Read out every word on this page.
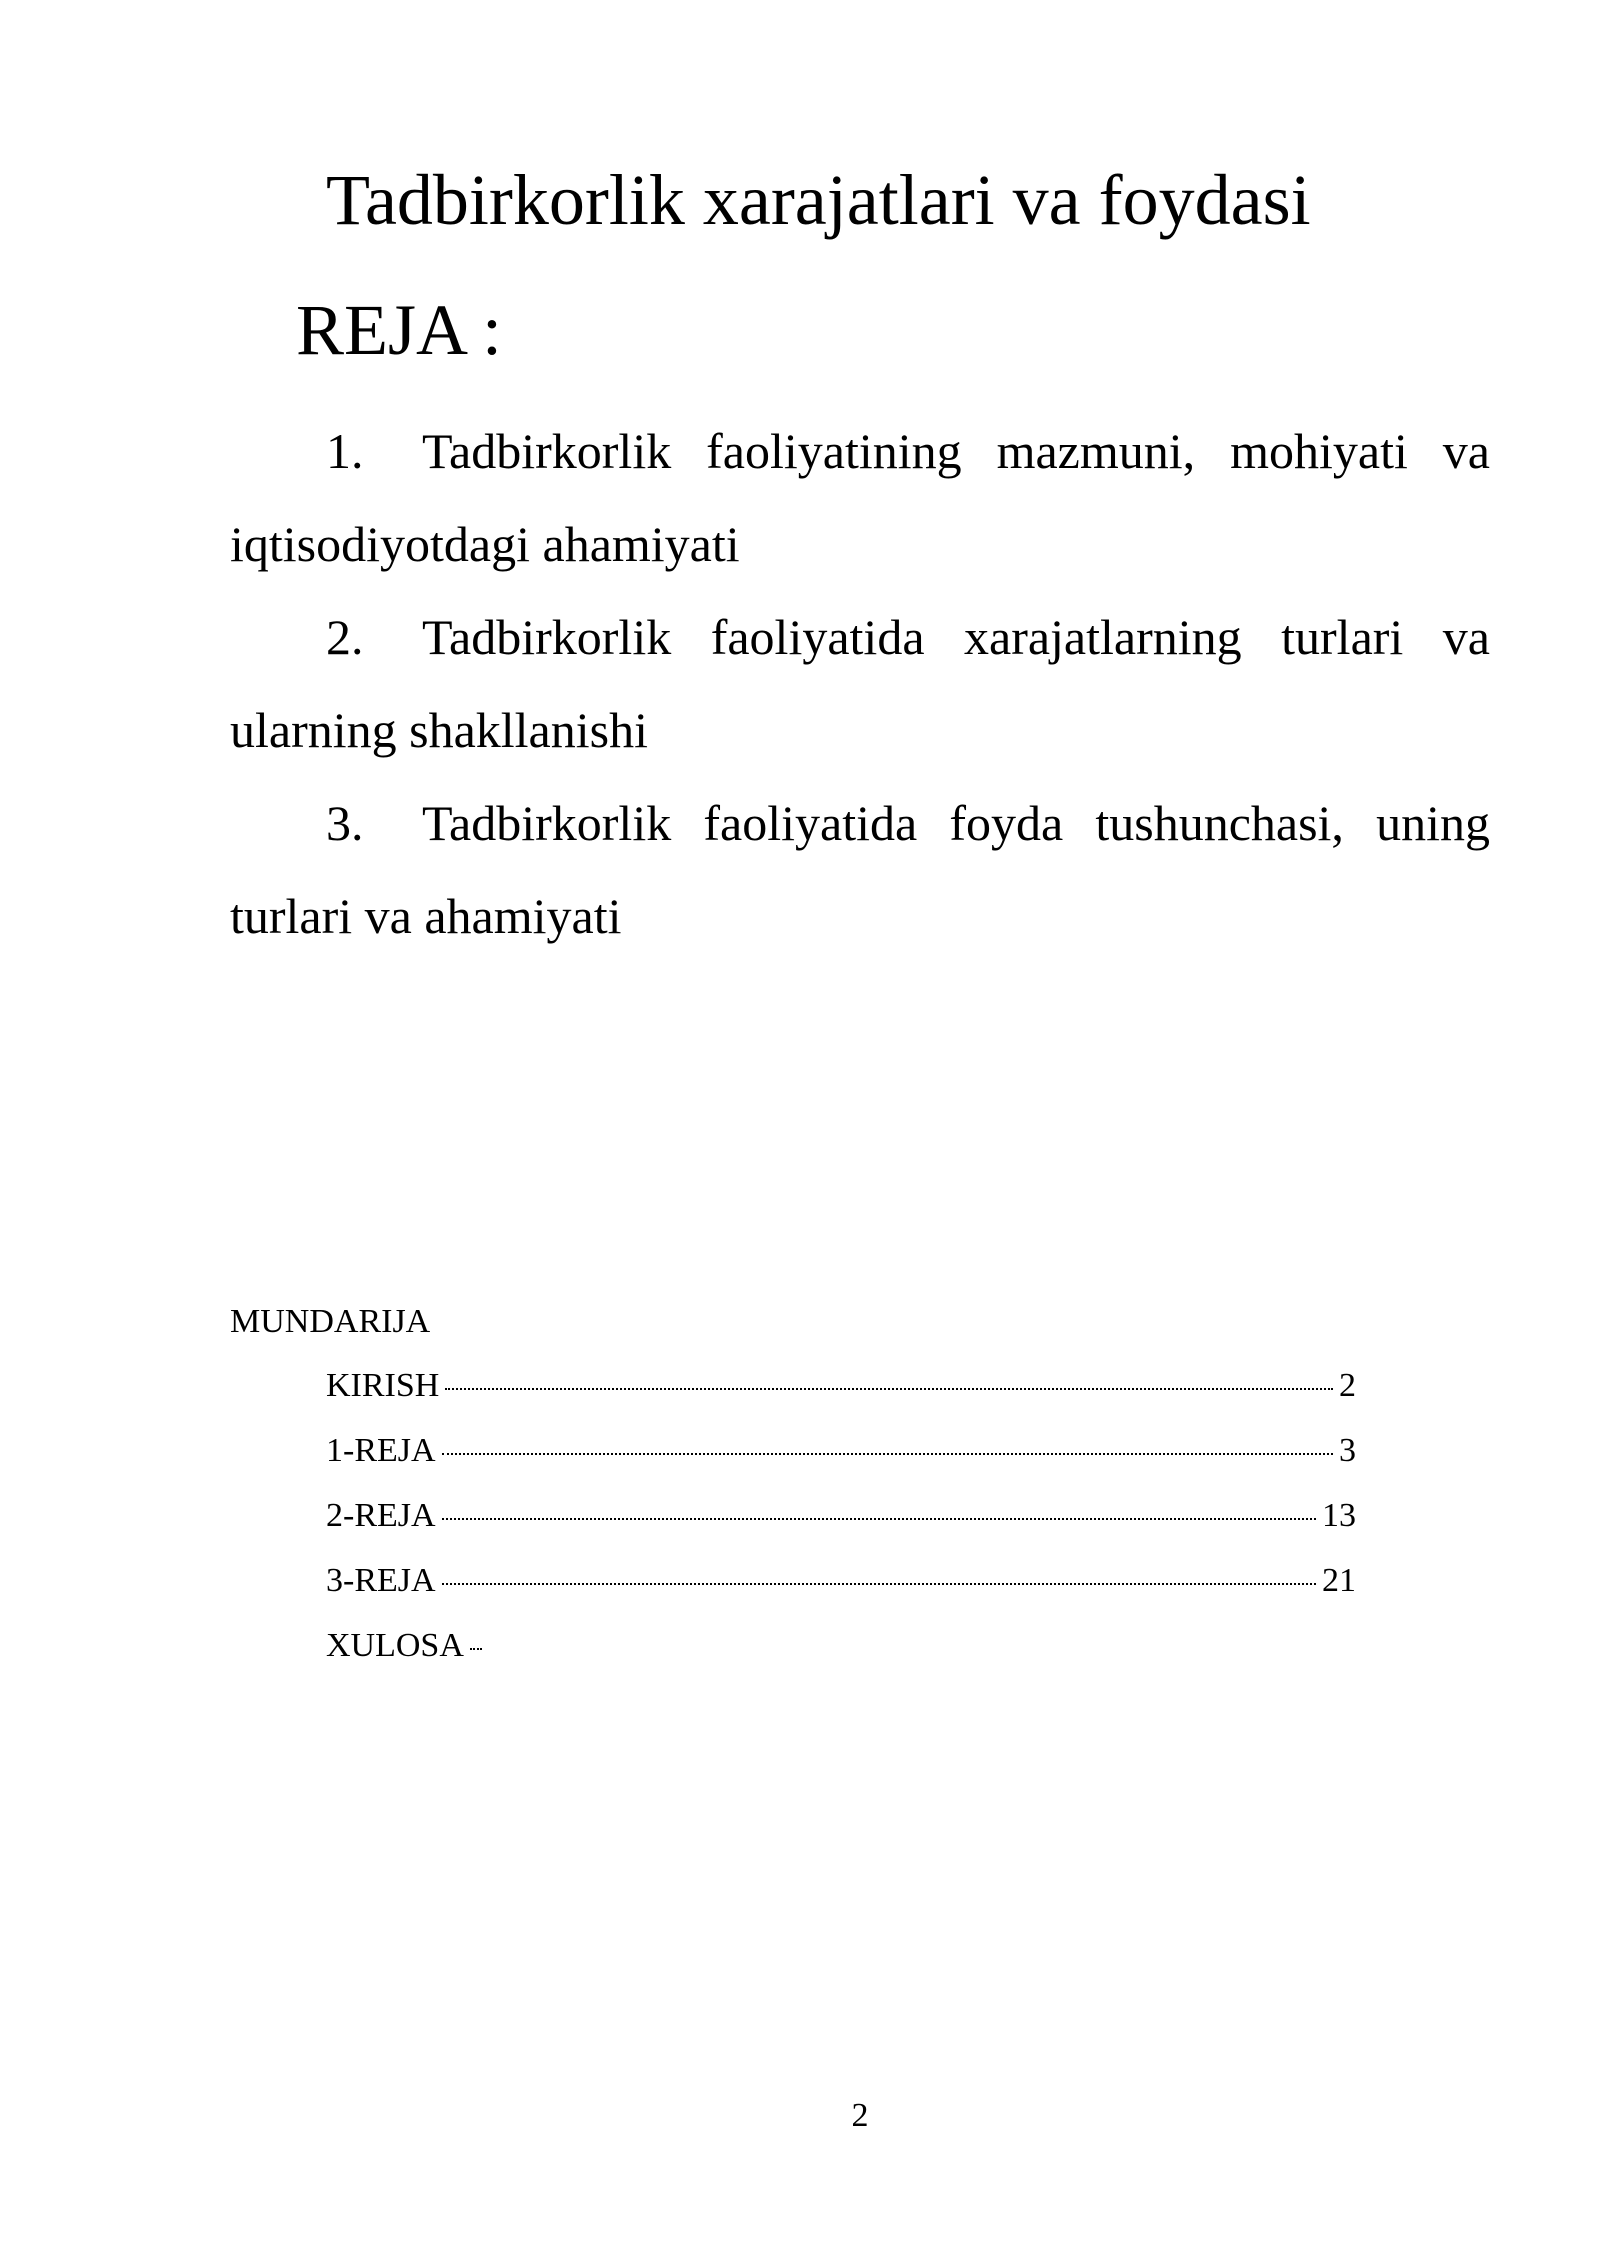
Tadbirkorlik xarajatlari va foydasi
REJA :
1. Tadbirkorlik faoliyatining mazmuni, mohiyati va iqtisodiyotdagi ahamiyati
2. Tadbirkorlik faoliyatida xarajatlarning turlari va ularning shakllanishi
3. Tadbirkorlik faoliyatida foyda tushunchasi, uning turlari va ahamiyati
MUNDARIJA
KIRISH	2
1-REJA	3
2-REJA	13
3-REJA	21
XULOSA

2
